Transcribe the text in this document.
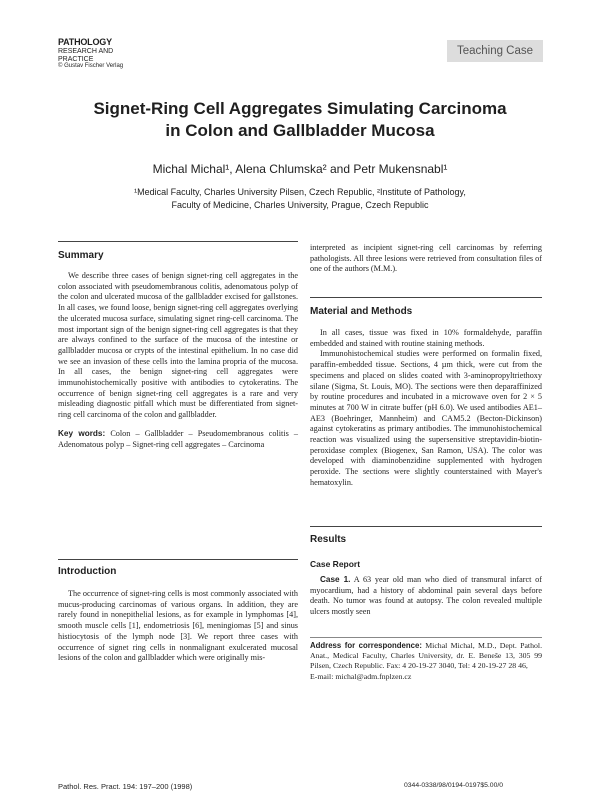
PATHOLOGY
RESEARCH AND
PRACTICE
© Gustav Fischer Verlag
Teaching Case
Signet-Ring Cell Aggregates Simulating Carcinoma
in Colon and Gallbladder Mucosa
Michal Michal¹, Alena Chlumska² and Petr Mukensnabl¹
¹Medical Faculty, Charles University Pilsen, Czech Republic, ²Institute of Pathology,
Faculty of Medicine, Charles University, Prague, Czech Republic
Summary

We describe three cases of benign signet-ring cell aggregates in the colon associated with pseudomembranous colitis, adenomatous polyp of the colon and ulcerated mucosa of the gallbladder excised for gallstones. In all cases, we found loose, benign signet-ring cell aggregates overlying the ulcerated mucosa surface, simulating signet ring-cell carcinoma. The most important sign of the benign signet-ring cell aggregates is that they are always confined to the surface of the mucosa of the intestine or gallbladder mucosa or crypts of the intestinal epithelium. In no case did we see an invasion of these cells into the lamina propria of the mucosa. In all cases, the benign signet-ring cell aggregates were immunohistochemically positive with antibodies to cytokeratins. The occurrence of benign signet-ring cell aggregates is a rare and very misleading diagnostic pitfall which must be differentiated from signet-ring cell carcinoma of the colon and gallbladder.

Key words: Colon – Gallbladder – Pseudomembranous colitis – Adenomatous polyp – Signet-ring cell aggregates – Carcinoma

Introduction

The occurrence of signet-ring cells is most commonly associated with mucus-producing carcinomas of various organs. In addition, they are rarely found in nonepithelial lesions, as for example in lymphomas [4], smooth muscle cells [1], endometriosis [6], meningiomas [5] and sinus histiocytosis of the lymph node [3]. We report three cases with occurrence of signet ring cells in nonmalignant exulcerated mucosal lesions of the colon and gallbladder which were originally mis-

interpreted as incipient signet-ring cell carcinomas by referring pathologists. All three lesions were retrieved from consultation files of one of the authors (M.M.).

Material and Methods

In all cases, tissue was fixed in 10% formaldehyde, paraffin embedded and stained with routine staining methods.

Immunohistochemical studies were performed on formalin fixed, paraffin-embedded tissue. Sections, 4 µm thick, were cut from the specimens and placed on slides coated with 3-aminopropyltriethoxy silane (Sigma, St. Louis, MO). The sections were then deparaffinized by routine procedures and incubated in a microwave oven for 2 × 5 minutes at 700 W in citrate buffer (pH 6.0). We used antibodies AE1–AE3 (Boehringer, Mannheim) and CAM5.2 (Becton-Dickinson) against cytokeratins as primary antibodies. The immunohistochemical reaction was visualized using the supersensitive streptavidin-biotin-peroxidase complex (Biogenex, San Ramon, USA). The color was developed with diaminobenzidine supplemented with hydrogen peroxide. The sections were slightly counterstained with Mayer's hematoxylin.

Results
Case Report

Case 1. A 63 year old man who died of transmural infarct of myocardium, had a history of abdominal pain several days before death. No tumor was found at autopsy. The colon revealed multiple ulcers mostly seen

Address for correspondence: Michal Michal, M.D., Dept. Pathol. Anat., Medical Faculty, Charles University, dr. E. Beneše 13, 305 99 Pilsen, Czech Republic. Fax: 4 20-19-27 3040, Tel: 4 20-19-27 28 46,

E-mail: michal@adm.fnplzen.cz

Pathol. Res. Pract. 194: 197–200 (1998)	0344-0338/98/0194-0197$5.00/0
